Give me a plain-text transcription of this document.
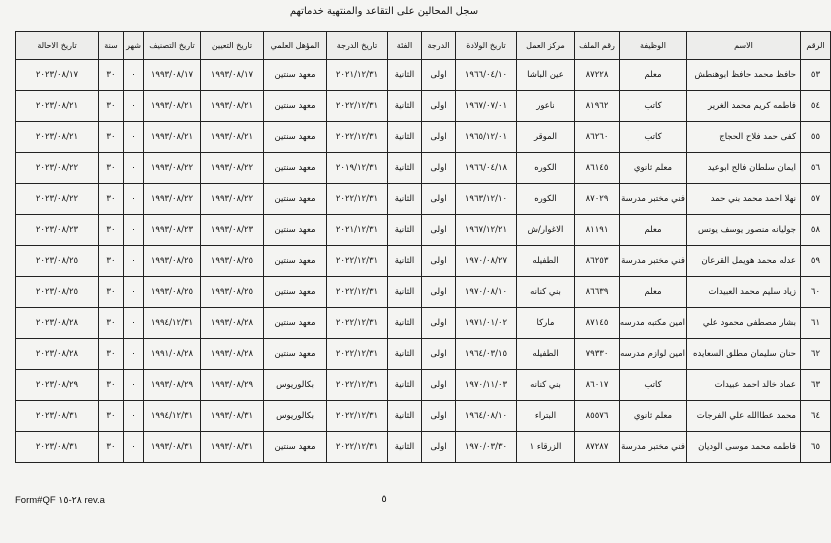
سجل المحالين على التقاعد والمنتهية خدماتهم
الرقم	الاسم	الوظيفة	رقم الملف	مركز العمل	تاريخ الولادة	الدرجة	الفئة	تاريخ الدرجة	المؤهل العلمي	تاريخ التعيين	تاريخ التصنيف	شهر	سنة	تاريخ الاحالة
٥٣	حافظ محمد حافظ ابوهنطش	معلم	٨٧٢٢٨	عين الباشا	١٩٦٦/٠٤/١٠	اولى	الثانية	٢٠٢١/١٢/٣١	معهد سنتين	١٩٩٣/٠٨/١٧	١٩٩٣/٠٨/١٧	٠	٣٠	٢٠٢٣/٠٨/١٧
٥٤	فاطمه كريم محمد الغرير	كاتب	٨١٩٦٢	ناعور	١٩٦٧/٠٧/٠١	اولى	الثانية	٢٠٢٢/١٢/٣١	معهد سنتين	١٩٩٣/٠٨/٢١	١٩٩٣/٠٨/٢١	٠	٣٠	٢٠٢٣/٠٨/٢١
٥٥	كفى حمد فلاح الحجاج	كاتب	٨٦٢٦٠	الموقر	١٩٦٥/١٢/٠١	اولى	الثانية	٢٠٢٢/١٢/٣١	معهد سنتين	١٩٩٣/٠٨/٢١	١٩٩٣/٠٨/٢١	٠	٣٠	٢٠٢٣/٠٨/٢١
٥٦	ايمان سلطان فالح ابوعيد	معلم ثانوي	٨٦١٤٥	الكوره	١٩٦٦/٠٤/١٨	اولى	الثانية	٢٠١٩/١٢/٣١	معهد سنتين	١٩٩٣/٠٨/٢٢	١٩٩٣/٠٨/٢٢	٠	٣٠	٢٠٢٣/٠٨/٢٢
٥٧	نهلا احمد محمد بني حمد	فني مختبر مدرسة	٨٧٠٢٩	الكوره	١٩٦٣/١٢/١٠	اولى	الثانية	٢٠٢٢/١٢/٣١	معهد سنتين	١٩٩٣/٠٨/٢٢	١٩٩٣/٠٨/٢٢	٠	٣٠	٢٠٢٣/٠٨/٢٢
٥٨	جوليانه منصور يوسف يونس	معلم	٨١١٩١	الاغوار/ش	١٩٦٧/١٢/٢١	اولى	الثانية	٢٠٢١/١٢/٣١	معهد سنتين	١٩٩٣/٠٨/٢٣	١٩٩٣/٠٨/٢٣	٠	٣٠	٢٠٢٣/٠٨/٢٣
٥٩	عدله محمد هويمل القرعان	فني مختبر مدرسة	٨٦٢٥٣	الطفيله	١٩٧٠/٠٨/٢٧	اولى	الثانية	٢٠٢٢/١٢/٣١	معهد سنتين	١٩٩٣/٠٨/٢٥	١٩٩٣/٠٨/٢٥	٠	٣٠	٢٠٢٣/٠٨/٢٥
٦٠	زياد سليم محمد العبيدات	معلم	٨٦٦٣٩	بني كنانه	١٩٧٠/٠٨/١٠	اولى	الثانية	٢٠٢٢/١٢/٣١	معهد سنتين	١٩٩٣/٠٨/٢٥	١٩٩٣/٠٨/٢٥	٠	٣٠	٢٠٢٣/٠٨/٢٥
٦١	بشار مصطفى محمود علي	امين مكتبه مدرسه	٨٧١٤٥	ماركا	١٩٧١/٠١/٠٢	اولى	الثانية	٢٠٢٢/١٢/٣١	معهد سنتين	١٩٩٣/٠٨/٢٨	١٩٩٤/١٢/٣١	٠	٣٠	٢٠٢٣/٠٨/٢٨
٦٢	حنان سليمان مطلق السعايده	امين لوازم مدرسه	٧٩٣٣٠	الطفيله	١٩٦٤/٠٣/١٥	اولى	الثانية	٢٠٢٢/١٢/٣١	معهد سنتين	١٩٩٣/٠٨/٢٨	١٩٩١/٠٨/٢٨	٠	٣٠	٢٠٢٣/٠٨/٢٨
٦٣	عماد خالد احمد عبيدات	كاتب	٨٦٠١٧	بني كنانه	١٩٧٠/١١/٠٣	اولى	الثانية	٢٠٢٢/١٢/٣١	بكالوريوس	١٩٩٣/٠٨/٢٩	١٩٩٣/٠٨/٢٩	٠	٣٠	٢٠٢٣/٠٨/٢٩
٦٤	محمد عطاالله علي الفرجات	معلم ثانوي	٨٥٥٧٦	البتراء	١٩٦٤/٠٨/١٠	اولى	الثانية	٢٠٢٢/١٢/٣١	بكالوريوس	١٩٩٣/٠٨/٣١	١٩٩٤/١٢/٣١	٠	٣٠	٢٠٢٣/٠٨/٣١
٦٥	فاطمه محمد موسى الوديان	فني مختبر مدرسة	٨٧٢٨٧	الزرقاء ١	١٩٧٠/٠٣/٣٠	اولى	الثانية	٢٠٢٢/١٢/٣١	معهد سنتين	١٩٩٣/٠٨/٣١	١٩٩٣/٠٨/٣١	٠	٣٠	٢٠٢٣/٠٨/٣١
Form#QF ٢٨-١٥ rev.a	٥
